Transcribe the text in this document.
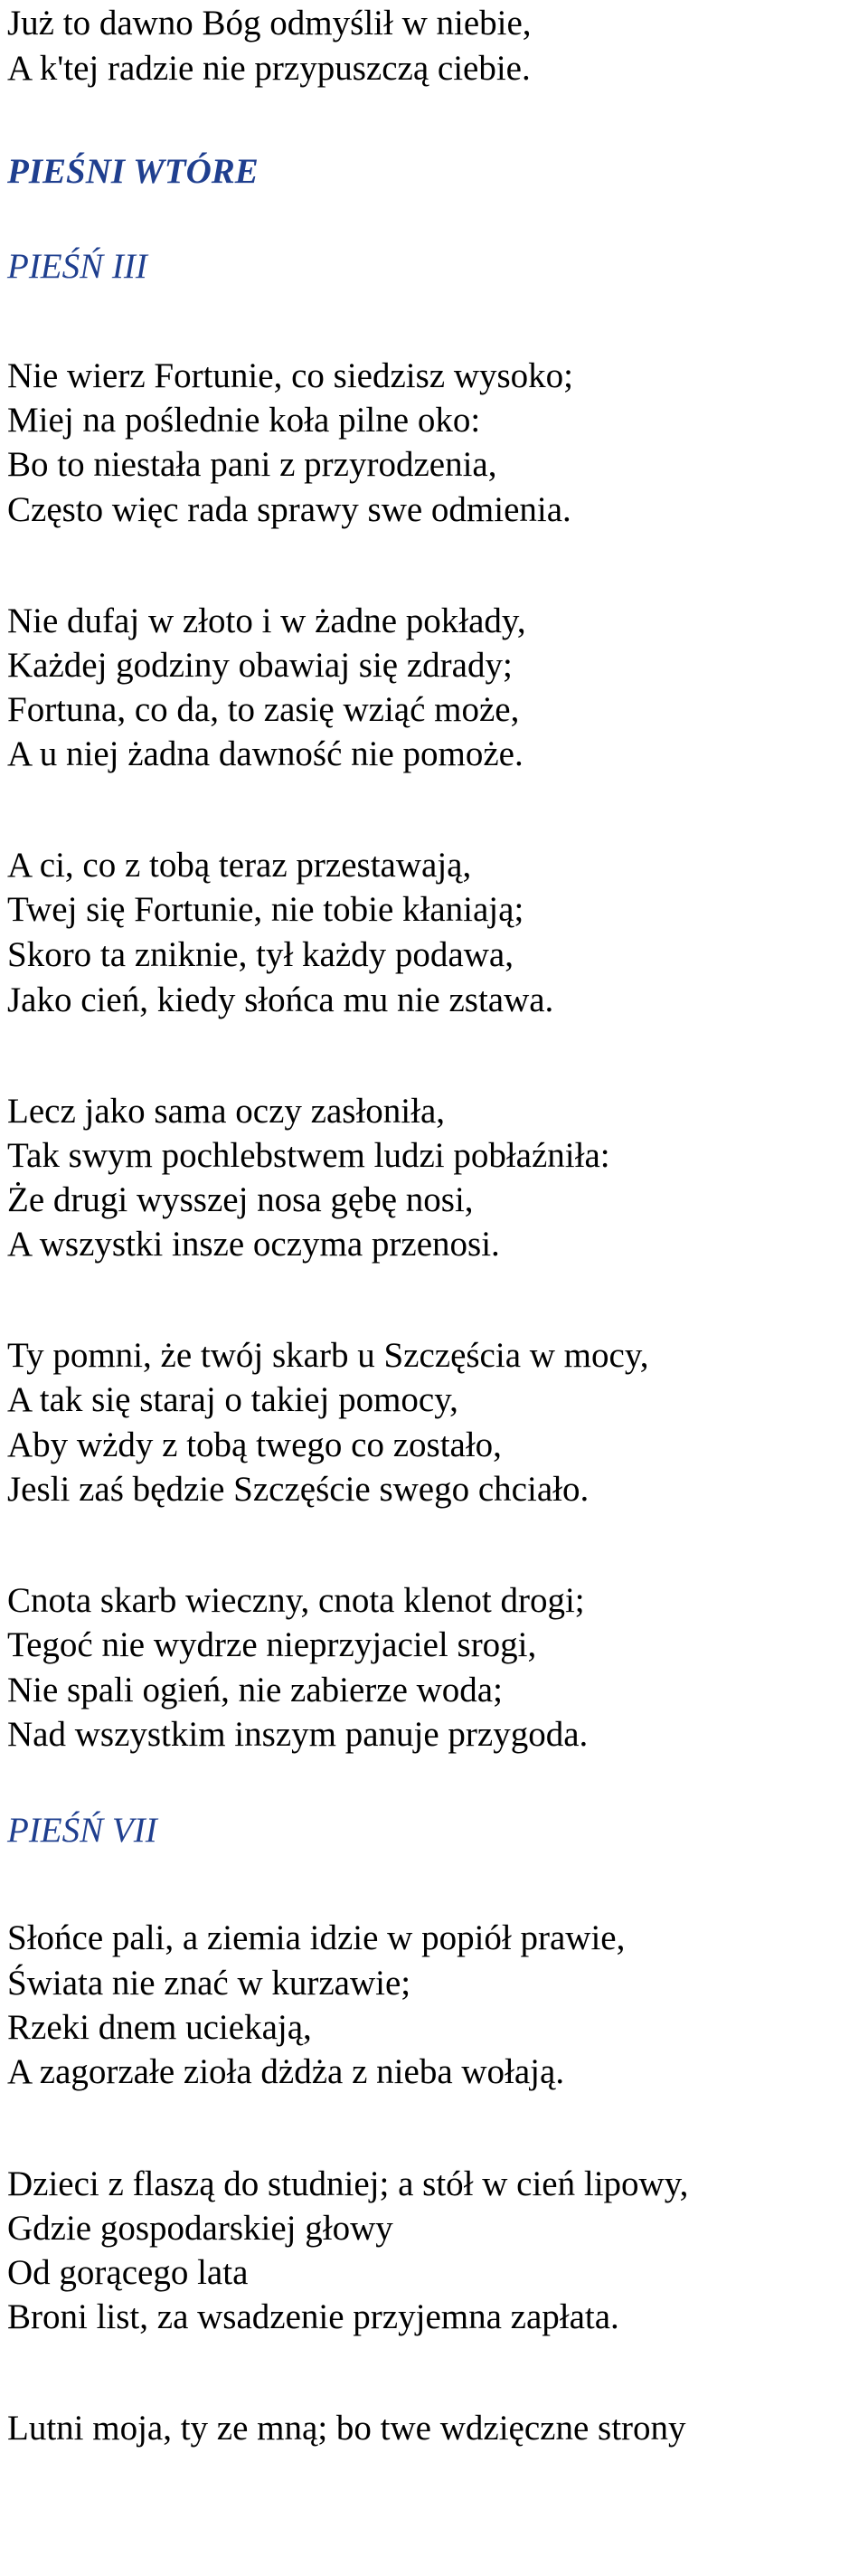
Już to dawno Bóg odmyślił w niebie,

A k'tej radzie nie przypuszczą ciebie.

PIEŚNI WTÓRE

PIEŚŃ III

Nie wierz Fortunie, co siedzisz wysoko;

Miej na poślednie koła pilne oko:

Bo to niestała pani z przyrodzenia,

Często więc rada sprawy swe odmienia.

Nie dufaj w złoto i w żadne pokłady,

Każdej godziny obawiaj się zdrady;

Fortuna, co da, to zasię wziąć może,

A u niej żadna dawność nie pomoże.

A ci, co z tobą teraz przestawają,

Twej się Fortunie, nie tobie kłaniają;

Skoro ta zniknie, tył każdy podawa,

Jako cień, kiedy słońca mu nie zstawa.

Lecz jako sama oczy zasłoniła,

Tak swym pochlebstwem ludzi pobłaźniła:

Że drugi wysszej nosa gębę nosi,

A wszystki insze oczyma przenosi.

Ty pomni, że twój skarb u Szczęścia w mocy,

A tak się staraj o takiej pomocy,

Aby wżdy z tobą twego co zostało,

Jesli zaś będzie Szczęście swego chciało.

Cnota skarb wieczny, cnota klenot drogi;

Tegoć nie wydrze nieprzyjaciel srogi,

Nie spali ogień, nie zabierze woda;

Nad wszystkim inszym panuje przygoda.

PIEŚŃ VII

Słońce pali, a ziemia idzie w popiół prawie,

Świata nie znać w kurzawie;

Rzeki dnem uciekają,

A zagorzałe zioła dżdża z nieba wołają.

Dzieci z flaszą do studniej; a stół w cień lipowy,

Gdzie gospodarskiej głowy

Od gorącego lata

Broni list, za wsadzenie przyjemna zapłata.

Lutni moja, ty ze mną; bo twe wdzięczne strony
